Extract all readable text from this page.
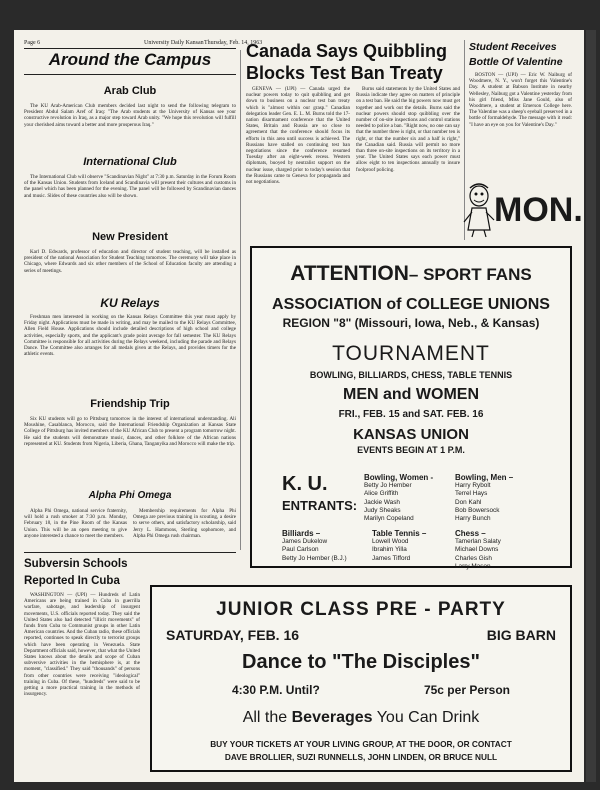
Page 6	University Daily Kansan Thursday, Feb. 14, 1963
Around the Campus
Arab Club

The KU Arab-American Club members decided last night to send the following telegram to President Abdul Salam Aref of Iraq: "The Arab students at the University of Kansas see your constructive revolution in Iraq, as a major step toward Arab unity. "We hope this revolution will fulfill your cherished aims toward a better and more prosperous Iraq."

International Club

The International Club will observe "Scandinavian Night" at 7:30 p.m. Saturday in the Forum Room of the Kansas Union. Students from Iceland and Scandinavia will present their cultures and customs in the panel which has been planned for the evening. The panel will be followed by Scandinavian dances and music. Slides of these countries also will be shown.

New President

Karl D. Edwards, professor of education and director of student teaching, will be installed as president of the national Association for Student Teaching tomorrow. The ceremony will take place in Chicago, where Edwards and six other members of the School of Education faculty are attending a series of meetings.

KU Relays

Freshman men interested in working on the Kansas Relays Committee this year must apply by Friday night. Applications must be made in writing, and may be mailed to the KU Relays Committee, Allen Field House. Applications should include detailed descriptions of high school and college activities, especially sports, and the applicant's grade point average for fall semester. The KU Relays Committee is responsible for all activities during the Relays weekend, including the parade and Relays Dance. The Committee also arranges for all medals given at the Relays, and provides timers for the athletic events.

Friendship Trip

Six KU students will go to Pittsburg tomorrow in the interest of international understanding. Ali Moushine, Casablanca, Morocco, said the International Friendship Organization at Kansas State College of Pittsburg has invited members of the KU African Club to present a program tomorrow night. He said the students will demonstrate music, dances, and other folklore of the African nations represented at KU. Students from Nigeria, Liberia, Ghana, Tanganyika and Morocco will make the trip.

Alpha Phi Omega

Alpha Phi Omega, national service fraternity, will hold a rush smoker at 7:30 p.m. Monday, February 18, in the Pine Room of the Kansas Union. This will be an open meeting to give anyone interested a chance to meet the members.

Membership requirements for Alpha Phi Omega are previous training in scouting, a desire to serve others, and satisfactory scholarship, said Jerry L. Hammons, Sterling sophomore, and Alpha Phi Omega rush chairman.

Subversin Schools Reported In Cuba

WASHINGTON — (UPI) — Hundreds of Latin Americans are being trained in Cuba in guerrilla warfare, sabotage, and leadership of insurgent movements, U.S. officials reported today. They said the United States also had detected "illicit movements" of funds from Cuba to Communist groups in other Latin American countries. And the Cuban radio, these officials reported, continues to speak directly to terrorist groups which have been operating in Venezuela. State Department officials said, however, that what the United States knows about the details and scope of Cuban subversive activities in the hemisphere is, at the moment, "classified." They said "thousands" of persons from other countries were receiving "ideological" training in Cuba. Of these, "hundreds" were said to be getting a more practical training in the methods of insurgency.

Canada Says Quibbling Blocks Test Ban Treaty

GENEVA — (UPI) — Canada urged the nuclear powers today to quit quibbling and get down to business on a nuclear test ban treaty which is "almost within our grasp." Canadian delegation leader Gen. E. L. M. Burns told the 17-nation disarmament conference that the United States, Britain and Russia are so close to agreement that the conference should focus its efforts in this area until success is achieved. The Russians have stalled on continuing test ban negotiations since the conference resumed Tuesday after an eight-week recess. Western diplomats, buoyed by neutralist support on the nuclear issue, charged prior to today's session that the Russians came to Geneva for propaganda and not negotiations.

Burns said statements by the United States and Russia indicate they agree on matters of principle on a test ban. He said the big powers now must get together and work out the details. Burns said the nuclear powers should stop quibbling over the number of on-site inspections and control stations needed to police a ban. "Right now, no one can say that the number three is right, or that number ten is right, or that the number six and a half is right," the Canadian said. Russia will permit no more than three on-site inspections on its territory in a year. The United States says each power must allow eight to ten inspections annually to insure foolproof policing.

Student Receives Bottle Of Valentine

BOSTON — (UPI) — Eric W. Naiburg of Woodmere, N. Y., won't forget this Valentine's Day. A student at Babson Institute in nearby Wellesley, Naiburg got a Valentine yesterday from his girl friend, Miss Jane Gould, also of Woodmere, a student at Emerson College here. The Valentine was a sheep's eyeball preserved in a bottle of formaldehyde. The message with it read: "I have an eye on you for Valentine's Day."

MON.
ATTENTION– SPORT FANS
ASSOCIATION of COLLEGE UNIONS
REGION "8" (Missouri, Iowa, Neb., & Kansas)
TOURNAMENT
BOWLING, BILLIARDS, CHESS, TABLE TENNIS
MEN and WOMEN
FRI., FEB. 15 and SAT. FEB. 16
KANSAS UNION
EVENTS BEGIN AT 1 P.M.
K. U.
ENTRANTS:
Bowling, Women -
Betty Jo Hember
Alice Griffith
Jackie Wash
Judy Sheaks
Marilyn Copeland
Bowling, Men –
Harry Rybolt
Terrel Hays
Don Kahl
Bob Bowersock
Harry Bunch
Billiards –
James Dukelow
Paul Carlson
Betty Jo Hember (B.J.)
Table Tennis –
Lowell Wood
Ibrahim Yilla
James Tifford
Chess –
Tamerlan Salaty
Michael Downs
Charles Gish
Larry Mason
JUNIOR CLASS PRE - PARTY
SATURDAY, FEB. 16	BIG BARN
Dance to "The Disciples"
4:30 P.M. Until?	75c per Person
All the Beverages You Can Drink
BUY YOUR TICKETS AT YOUR LIVING GROUP, AT THE DOOR, OR CONTACT
DAVE BROLLIER, SUZI RUNNELLS, JOHN LINDEN, OR BRUCE NULL
